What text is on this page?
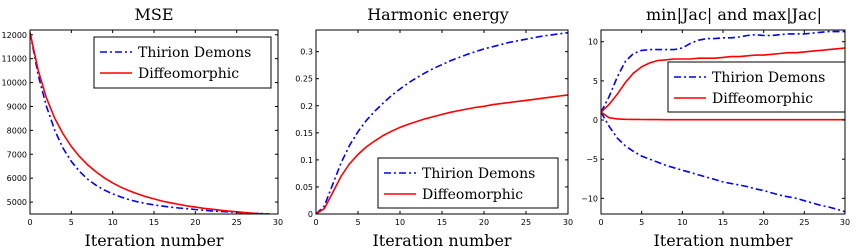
MSE
0	5	10	15	20	25	30
5000
6000
7000
8000
9000
10000
11000
12000
Iteration number
Thirion Demons
Diffeomorphic
Harmonic energy
0	5	10	15	20	25	30
0
0.05
0.1
0.15
0.2
0.25
0.3
Iteration number
Thirion Demons
Diffeomorphic
min|Jac| and max|Jac|
0	5	10	15	20	25	30
−10
−5
0
5
10
Iteration number
Thirion Demons
Diffeomorphic
